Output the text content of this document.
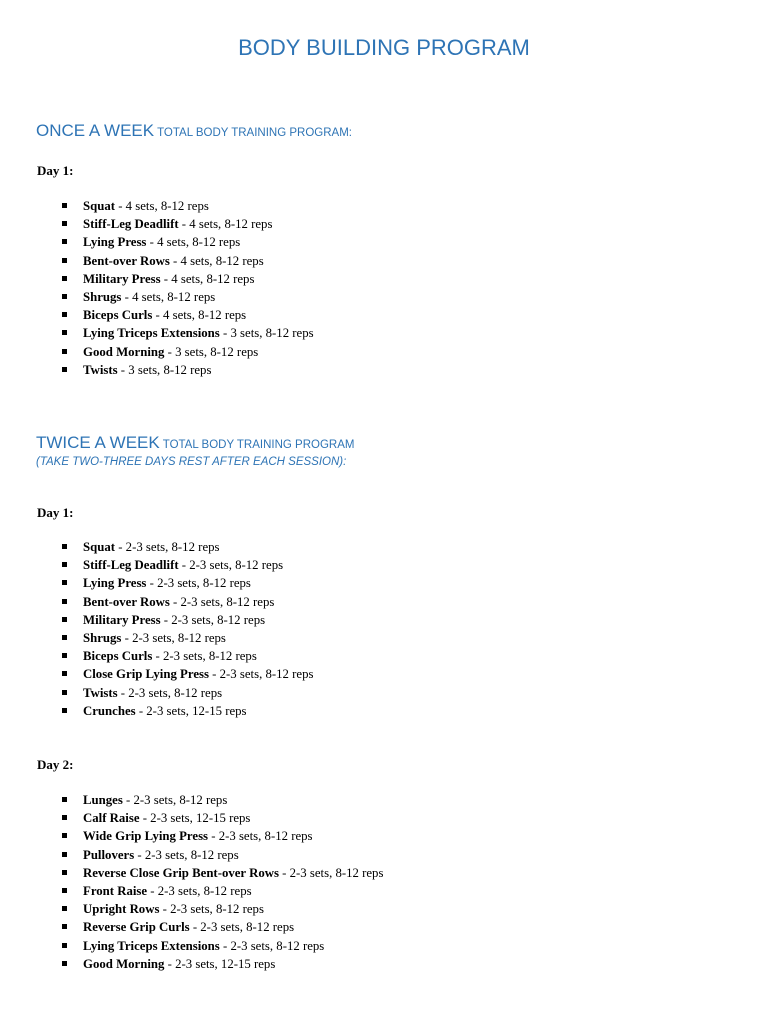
BODY BUILDING PROGRAM
ONCE A WEEK TOTAL BODY TRAINING PROGRAM:
Day 1:
Squat - 4 sets, 8-12 reps
Stiff-Leg Deadlift - 4 sets, 8-12 reps
Lying Press - 4 sets, 8-12 reps
Bent-over Rows - 4 sets, 8-12 reps
Military Press - 4 sets, 8-12 reps
Shrugs - 4 sets, 8-12 reps
Biceps Curls - 4 sets, 8-12 reps
Lying Triceps Extensions - 3 sets, 8-12 reps
Good Morning - 3 sets, 8-12 reps
Twists - 3 sets, 8-12 reps
TWICE A WEEK TOTAL BODY TRAINING PROGRAM
(TAKE TWO-THREE DAYS REST AFTER EACH SESSION):
Day 1:
Squat - 2-3 sets, 8-12 reps
Stiff-Leg Deadlift - 2-3 sets, 8-12 reps
Lying Press - 2-3 sets, 8-12 reps
Bent-over Rows - 2-3 sets, 8-12 reps
Military Press - 2-3 sets, 8-12 reps
Shrugs - 2-3 sets, 8-12 reps
Biceps Curls - 2-3 sets, 8-12 reps
Close Grip Lying Press - 2-3 sets, 8-12 reps
Twists - 2-3 sets, 8-12 reps
Crunches - 2-3 sets, 12-15 reps
Day 2:
Lunges - 2-3 sets, 8-12 reps
Calf Raise - 2-3 sets, 12-15 reps
Wide Grip Lying Press - 2-3 sets, 8-12 reps
Pullovers - 2-3 sets, 8-12 reps
Reverse Close Grip Bent-over Rows - 2-3 sets, 8-12 reps
Front Raise - 2-3 sets, 8-12 reps
Upright Rows - 2-3 sets, 8-12 reps
Reverse Grip Curls - 2-3 sets, 8-12 reps
Lying Triceps Extensions - 2-3 sets, 8-12 reps
Good Morning - 2-3 sets, 12-15 reps
